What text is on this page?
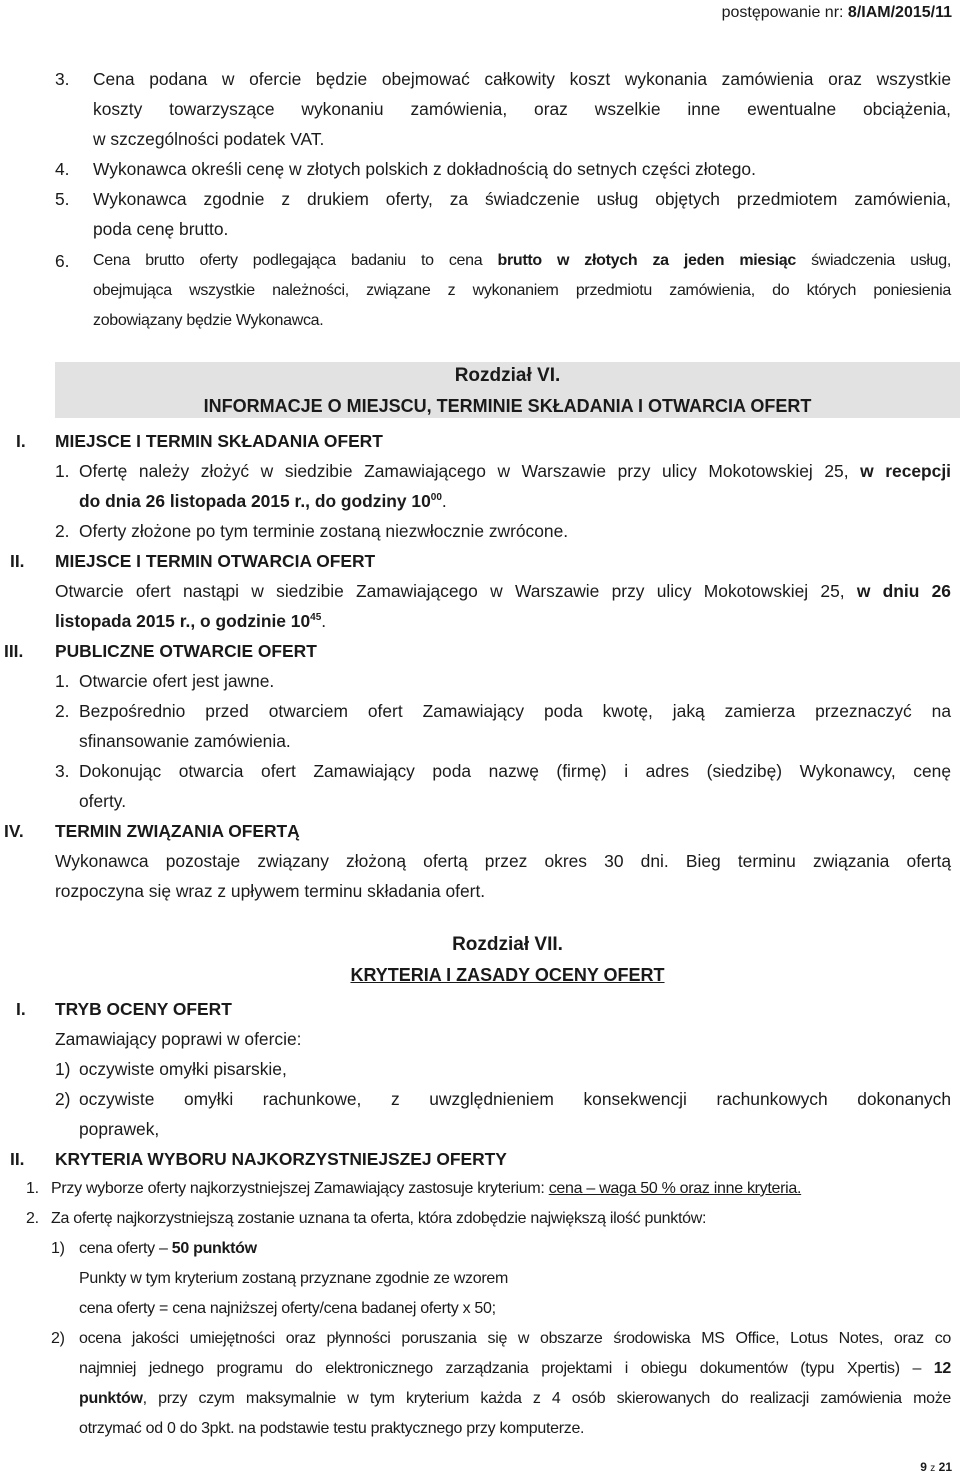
postępowanie nr: 8/IAM/2015/11
3. Cena podana w ofercie będzie obejmować całkowity koszt wykonania zamówienia oraz wszystkie
koszty towarzyszące wykonaniu zamówienia, oraz wszelkie inne ewentualne obciążenia,
w szczególności podatek VAT.
4. Wykonawca określi cenę w złotych polskich z dokładnością do setnych części złotego.
5. Wykonawca zgodnie z drukiem oferty, za świadczenie usług objętych przedmiotem zamówienia,
poda cenę brutto.
6. Cena brutto oferty podlegająca badaniu to cena brutto w złotych za jeden miesiąc świadczenia usług,
obejmująca wszystkie należności, związane z wykonaniem przedmiotu zamówienia, do których poniesienia
zobowiązany będzie Wykonawca.
Rozdział VI.
INFORMACJE O MIEJSCU, TERMINIE SKŁADANIA I OTWARCIA OFERT
I. MIEJSCE I TERMIN SKŁADANIA OFERT
1. Ofertę należy złożyć w siedzibie Zamawiającego w Warszawie przy ulicy Mokotowskiej 25, w recepcji
do dnia 26 listopada 2015 r., do godziny $10^{00}$.
2. Oferty złożone po tym terminie zostaną niezwłocznie zwrócone.
II. MIEJSCE I TERMIN OTWARCIA OFERT
Otwarcie ofert nastąpi w siedzibie Zamawiającego w Warszawie przy ulicy Mokotowskiej 25, w dniu 26
listopada 2015 r., o godzinie $10^{45}$.
III. PUBLICZNE OTWARCIE OFERT
1. Otwarcie ofert jest jawne.
2. Bezpośrednio przed otwarciem ofert Zamawiający poda kwotę, jaką zamierza przeznaczyć na
sfinansowanie zamówienia.
3. Dokonując otwarcia ofert Zamawiający poda nazwę (firmę) i adres (siedzibę) Wykonawcy, cenę
oferty.
IV. TERMIN ZWIĄZANIA OFERTĄ
Wykonawca pozostaje związany złożoną ofertą przez okres 30 dni. Bieg terminu związania ofertą
rozpoczyna się wraz z upływem terminu składania ofert.
Rozdział VII.
KRYTERIA I ZASADY OCENY OFERT
I. TRYB OCENY OFERT
Zamawiający poprawi w ofercie:
1) oczywiste omyłki pisarskie,
2) oczywiste omyłki rachunkowe, z uwzględnieniem konsekwencji rachunkowych dokonanych
poprawek,
II. KRYTERIA WYBORU NAJKORZYSTNIEJSZEJ OFERTY
1. Przy wyborze oferty najkorzystniejszej Zamawiający zastosuje kryterium: cena – waga 50 % oraz inne kryteria.
2. Za ofertę najkorzystniejszą zostanie uznana ta oferta, która zdobędzie największą ilość punktów:
1) cena oferty – 50 punktów
Punkty w tym kryterium zostaną przyznane zgodnie ze wzorem
cena oferty = cena najniższej oferty/cena badanej oferty x 50;
2) ocena jakości umiejętności oraz płynności poruszania się w obszarze środowiska MS Office, Lotus Notes, oraz co
najmniej jednego programu do elektronicznego zarządzania projektami i obiegu dokumentów (typu Xpertis) – 12
punktów, przy czym maksymalnie w tym kryterium każda z 4 osób skierowanych do realizacji zamówienia może
otrzymać od 0 do 3pkt. na podstawie testu praktycznego przy komputerze.
9 z 21
